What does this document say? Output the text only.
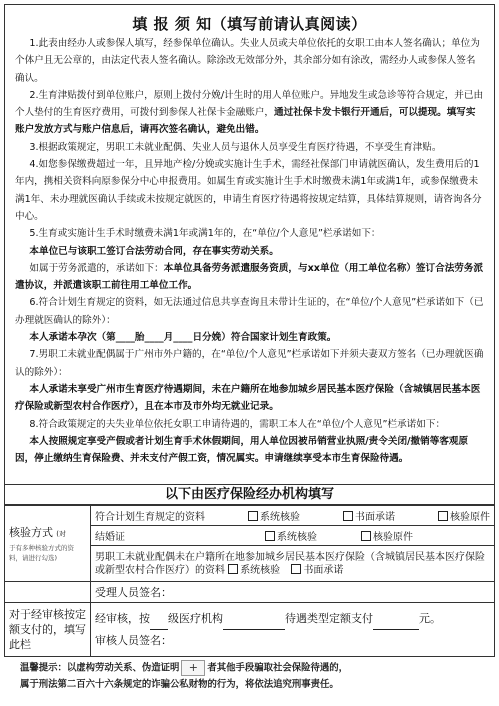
填 报 须 知（填写前请认真阅读）

1.此表由经办人或参保人填写，经参保单位确认。失业人员或夫单位依托的女职工由本人签名确认；单位为个体户且无公章的，由法定代表人签名确认。除涂改无效部分外，其余部分如有涂改，需经办人或参保人签名确认。

2.生育津贴拨付到单位账户，原则上拨付分娩/计生时的用人单位账户。异地发生或急诊等符合规定，并已由个人垫付的生育医疗费用，可拨付到参保人社保卡金融账户，通过社保卡发卡银行开通后，可以提现。填写实账户发放方式与账户信息后，请再次签名确认，避免出错。

3.根据政策规定，男职工未就业配偶、失业人员与退休人员享受生育医疗待遇，不享受生育津贴。

4.如您参保缴费超过一年，且异地产检/分娩或实施计生手术，需经社保部门申请就医确认，发生费用后的1年内，携相关资料向原参保分中心申报费用。如属生育或实施计生手术时缴费未满1年或满1年，或参保缴费未满1年、未办理就医确认手续或未按规定就医的，申请生育医疗待遇将按规定结算，具体结算规则，请咨询各分中心。

5.生育或实施计生手术时缴费未满1年或满1年的，在“单位/个人意见”栏承诺如下：

本单位已与该职工签订合法劳动合同，存在事实劳动关系。

如属于劳务派遣的，承诺如下：本单位具备劳务派遣服务资质，与xx单位（用工单位名称）签订合法劳务派遣协议，并派遣该职工前往用工单位工作。

6.符合计划生育规定的资料，如无法通过信息共享查询且未带计生证的，在“单位/个人意见”栏承诺如下（已办理就医确认的除外）：

本人承诺本孕次（第____胎____月____日分娩）符合国家计划生育政策。

7.男职工未就业配偶属于广州市外户籍的，在“单位/个人意见”栏承诺如下并须夫妻双方签名（已办理就医确认的除外）：

本人承诺未享受广州市生育医疗待遇期间，未在户籍所在地参加城乡居民基本医疗保险（含城镇居民基本医疗保险或新型农村合作医疗），且在本市及市外均无就业记录。

8.符合政策规定的夫失业单位依托女职工申请待遇的，需职工本人在“单位/个人意见”栏承诺如下：

本人按照规定享受产假或者计划生育手术休假期间，用人单位因被吊销营业执照/责令关闭/撤销等客观原因，停止缴纳生育保险费、并未支付产假工资，情况属实。申请继续享受本市生育保险待遇。

以下由医疗保险经办机构填写
核验方式 (对
于有多种核验方式的资料，请进行勾选)	符合计划生育规定的资料 系统核验 书面承诺 核验原件

	结婚证 系统核验 核验原件

	男职工未就业配偶未在户籍所在地参加城乡居民基本医疗保险（含城镇居民基本医疗保险或新型农村合作医疗）的资料 系统核验 书面承诺
	受理人员签名：
对于经审核按定额支付的，填写此栏	经审核，按 级医疗机构 待遇类型定额支付 元。
审核人员签名：

温馨提示：以虚构劳动关系、伪造证明 + 者其他手段骗取社会保险待遇的，

属于刑法第二百六十六条规定的诈骗公私财物的行为，将依法追究刑事责任。
